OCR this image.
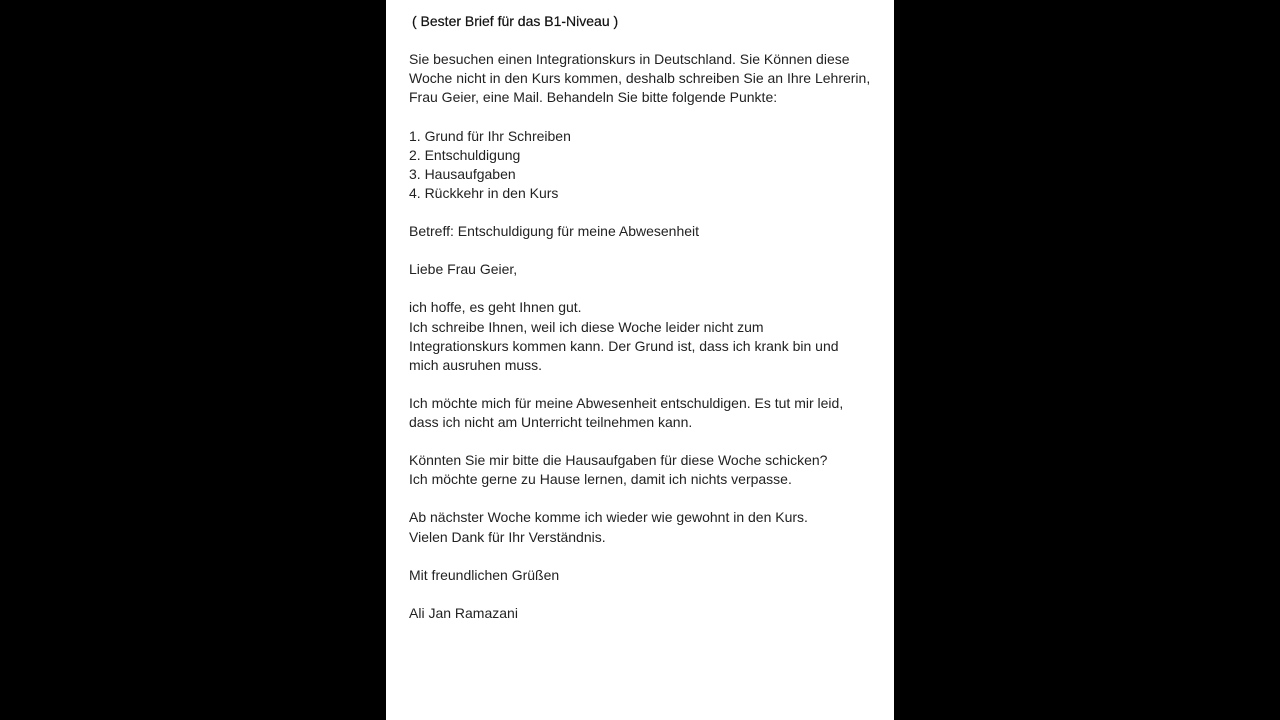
( Bester Brief für das B1-Niveau )
Sie besuchen einen Integrationskurs in Deutschland. Sie Können diese
Woche nicht in den Kurs kommen, deshalb schreiben Sie an Ihre Lehrerin,
Frau Geier, eine Mail. Behandeln Sie bitte folgende Punkte:
1. Grund für Ihr Schreiben
2. Entschuldigung
3. Hausaufgaben
4. Rückkehr in den Kurs
Betreff: Entschuldigung für meine Abwesenheit
Liebe Frau Geier,
ich hoffe, es geht Ihnen gut.
Ich schreibe Ihnen, weil ich diese Woche leider nicht zum
Integrationskurs kommen kann. Der Grund ist, dass ich krank bin und
mich ausruhen muss.
Ich möchte mich für meine Abwesenheit entschuldigen. Es tut mir leid,
dass ich nicht am Unterricht teilnehmen kann.
Könnten Sie mir bitte die Hausaufgaben für diese Woche schicken?
Ich möchte gerne zu Hause lernen, damit ich nichts verpasse.
Ab nächster Woche komme ich wieder wie gewohnt in den Kurs.
Vielen Dank für Ihr Verständnis.
Mit freundlichen Grüßen
Ali Jan Ramazani
